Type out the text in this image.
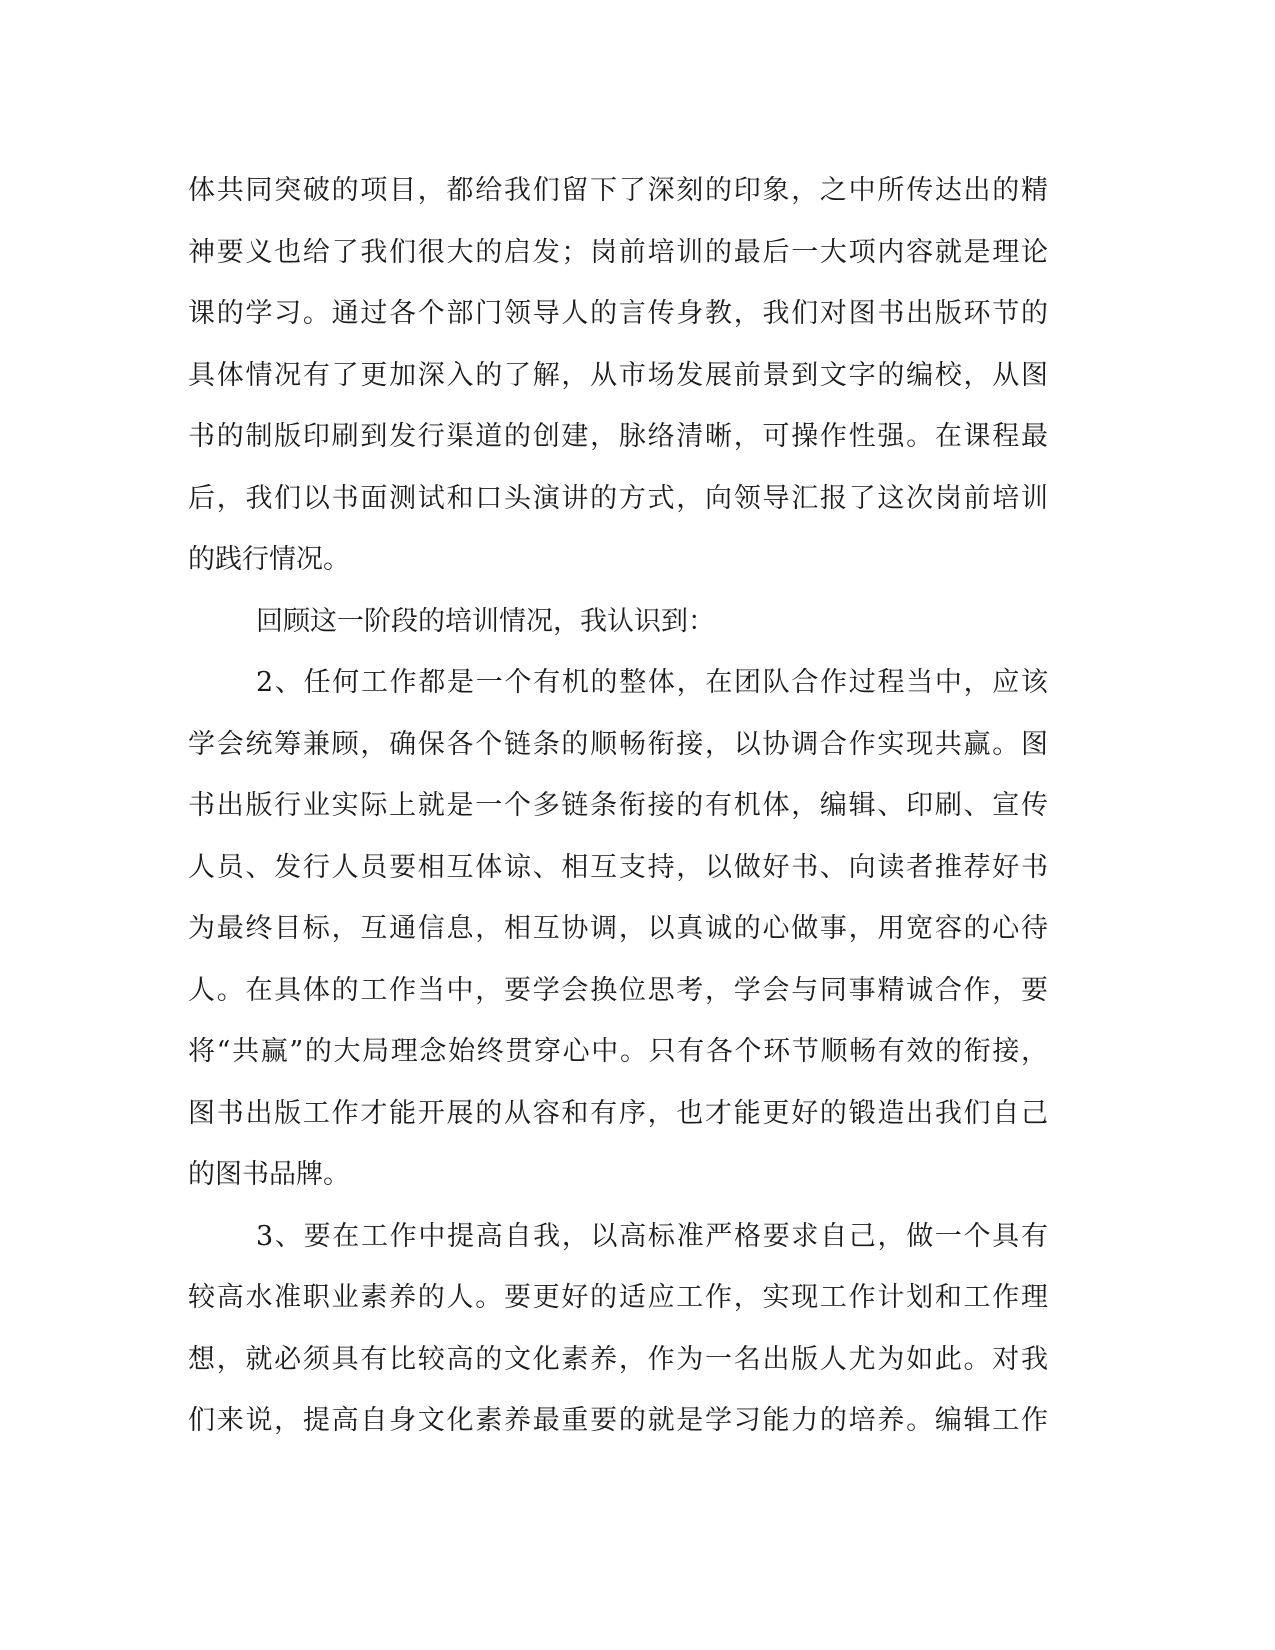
体共同突破的项目，都给我们留下了深刻的印象，之中所传达出的精
神要义也给了我们很大的启发；岗前培训的最后一大项内容就是理论
课的学习。通过各个部门领导人的言传身教，我们对图书出版环节的
具体情况有了更加深入的了解，从市场发展前景到文字的编校，从图
书的制版印刷到发行渠道的创建，脉络清晰，可操作性强。在课程最
后，我们以书面测试和口头演讲的方式，向领导汇报了这次岗前培训
的践行情况。
回顾这一阶段的培训情况，我认识到：
2、任何工作都是一个有机的整体，在团队合作过程当中，应该
学会统筹兼顾，确保各个链条的顺畅衔接，以协调合作实现共赢。图
书出版行业实际上就是一个多链条衔接的有机体，编辑、印刷、宣传
人员、发行人员要相互体谅、相互支持，以做好书、向读者推荐好书
为最终目标，互通信息，相互协调，以真诚的心做事，用宽容的心待
人。在具体的工作当中，要学会换位思考，学会与同事精诚合作，要
将“共赢”的大局理念始终贯穿心中。只有各个环节顺畅有效的衔接，
图书出版工作才能开展的从容和有序，也才能更好的锻造出我们自己
的图书品牌。
3、要在工作中提高自我，以高标准严格要求自己，做一个具有
较高水准职业素养的人。要更好的适应工作，实现工作计划和工作理
想，就必须具有比较高的文化素养，作为一名出版人尤为如此。对我
们来说，提高自身文化素养最重要的就是学习能力的培养。编辑工作
